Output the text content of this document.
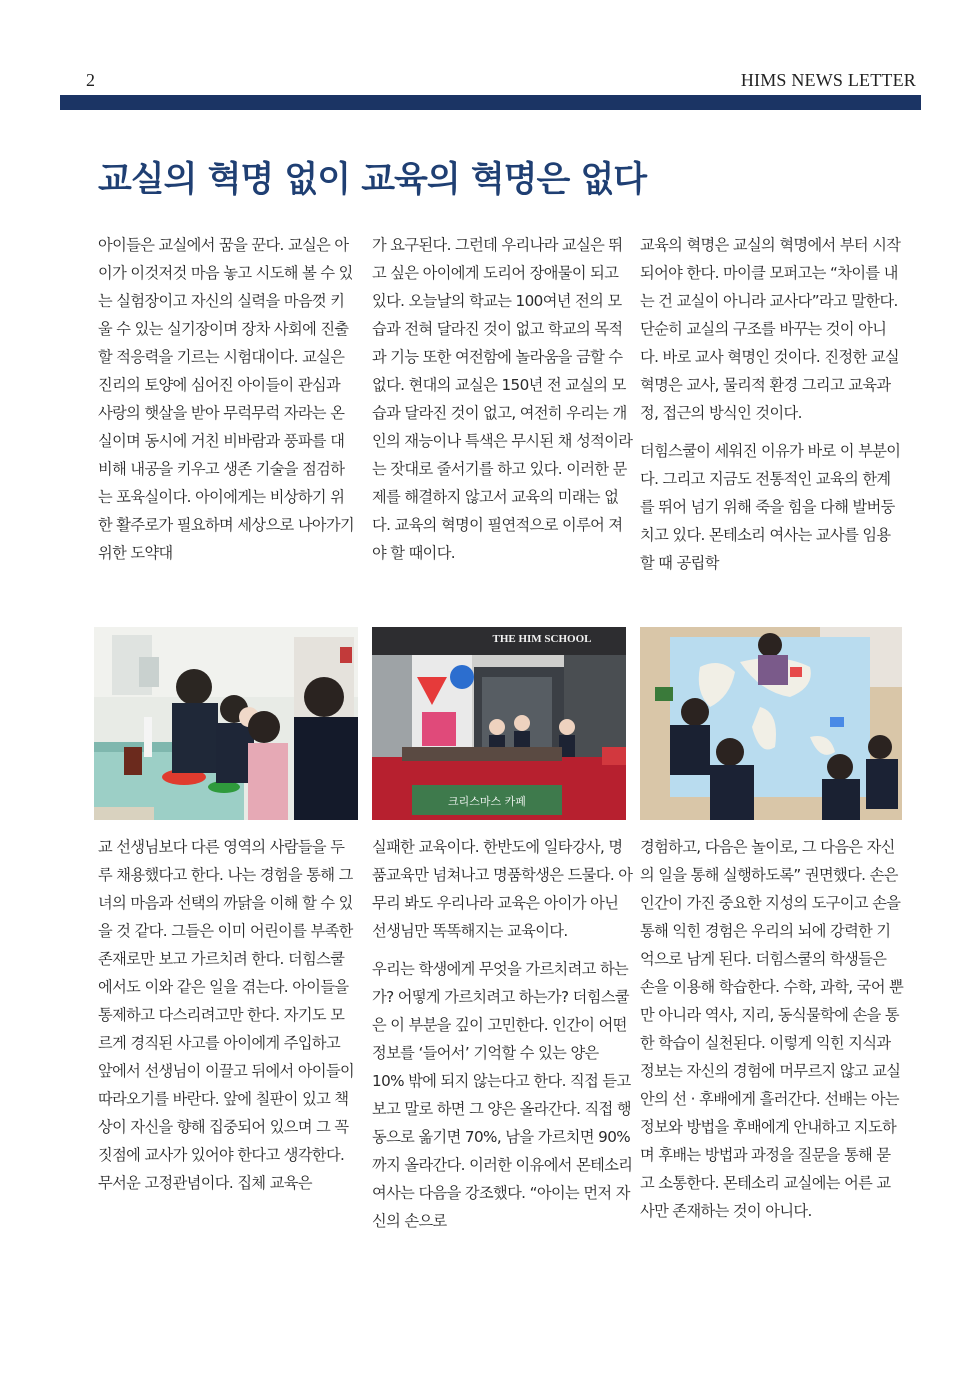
2	HIMS NEWS LETTER
교실의 혁명 없이 교육의 혁명은 없다

아이들은 교실에서 꿈을 꾼다. 교실은 아이가 이것저것 마음 놓고 시도해 볼 수 있는 실험장이고 자신의 실력을 마음껏 키울 수 있는 실기장이며 장차 사회에 진출할 적응력을 기르는 시험대이다. 교실은 진리의 토양에 심어진 아이들이 관심과 사랑의 햇살을 받아 무럭무럭 자라는 온실이며 동시에 거친 비바람과 풍파를 대비해 내공을 키우고 생존 기술을 점검하는 포육실이다. 아이에게는 비상하기 위한 활주로가 필요하며 세상으로 나아가기 위한 도약대

가 요구된다. 그런데 우리나라 교실은 뛰고 싶은 아이에게 도리어 장애물이 되고 있다. 오늘날의 학교는 100여년 전의 모습과 전혀 달라진 것이 없고 학교의 목적과 기능 또한 여전함에 놀라움을 금할 수 없다. 현대의 교실은 150년 전 교실의 모습과 달라진 것이 없고, 여전히 우리는 개인의 재능이나 특색은 무시된 채 성적이라는 잣대로 줄서기를 하고 있다. 이러한 문제를 해결하지 않고서 교육의 미래는 없다. 교육의 혁명이 필연적으로 이루어 져야 할 때이다.

교육의 혁명은 교실의 혁명에서 부터 시작되어야 한다. 마이클 모퍼고는 “차이를 내는 건 교실이 아니라 교사다”라고 말한다. 단순히 교실의 구조를 바꾸는 것이 아니다. 바로 교사 혁명인 것이다. 진정한 교실 혁명은 교사, 물리적 환경 그리고 교육과정, 접근의 방식인 것이다.

더힘스쿨이 세워진 이유가 바로 이 부분이다. 그리고 지금도 전통적인 교육의 한계를 뛰어 넘기 위해 죽을 힘을 다해 발버둥 치고 있다. 몬테소리 여사는 교사를 임용할 때 공립학

THE HIM SCHOOL
크리스마스 카페

교 선생님보다 다른 영역의 사람들을 두루 채용했다고 한다. 나는 경험을 통해 그녀의 마음과 선택의 까닭을 이해 할 수 있을 것 같다. 그들은 이미 어린이를 부족한 존재로만 보고 가르치려 한다. 더힘스쿨에서도 이와 같은 일을 겪는다. 아이들을 통제하고 다스리려고만 한다. 자기도 모르게 경직된 사고를 아이에게 주입하고 앞에서 선생님이 이끌고 뒤에서 아이들이 따라오기를 바란다. 앞에 칠판이 있고 책상이 자신을 향해 집중되어 있으며 그 꼭짓점에 교사가 있어야 한다고 생각한다. 무서운 고정관념이다. 집체 교육은

실패한 교육이다. 한반도에 일타강사, 명품교육만 넘쳐나고 명품학생은 드물다. 아무리 봐도 우리나라 교육은 아이가 아닌 선생님만 똑똑해지는 교육이다.

우리는 학생에게 무엇을 가르치려고 하는가? 어떻게 가르치려고 하는가? 더힘스쿨은 이 부분을 깊이 고민한다. 인간이 어떤 정보를 ‘들어서’ 기억할 수 있는 양은 10% 밖에 되지 않는다고 한다. 직접 듣고 보고 말로 하면 그 양은 올라간다. 직접 행동으로 옮기면 70%, 남을 가르치면 90%까지 올라간다. 이러한 이유에서 몬테소리 여사는 다음을 강조했다. “아이는 먼저 자신의 손으로

경험하고, 다음은 놀이로, 그 다음은 자신의 일을 통해 실행하도록” 권면했다. 손은 인간이 가진 중요한 지성의 도구이고 손을 통해 익힌 경험은 우리의 뇌에 강력한 기억으로 남게 된다. 더힘스쿨의 학생들은 손을 이용해 학습한다. 수학, 과학, 국어 뿐만 아니라 역사, 지리, 동식물학에 손을 통한 학습이 실천된다. 이렇게 익힌 지식과 정보는 자신의 경험에 머무르지 않고 교실 안의 선 · 후배에게 흘러간다. 선배는 아는 정보와 방법을 후배에게 안내하고 지도하며 후배는 방법과 과정을 질문을 통해 묻고 소통한다. 몬테소리 교실에는 어른 교사만 존재하는 것이 아니다.
